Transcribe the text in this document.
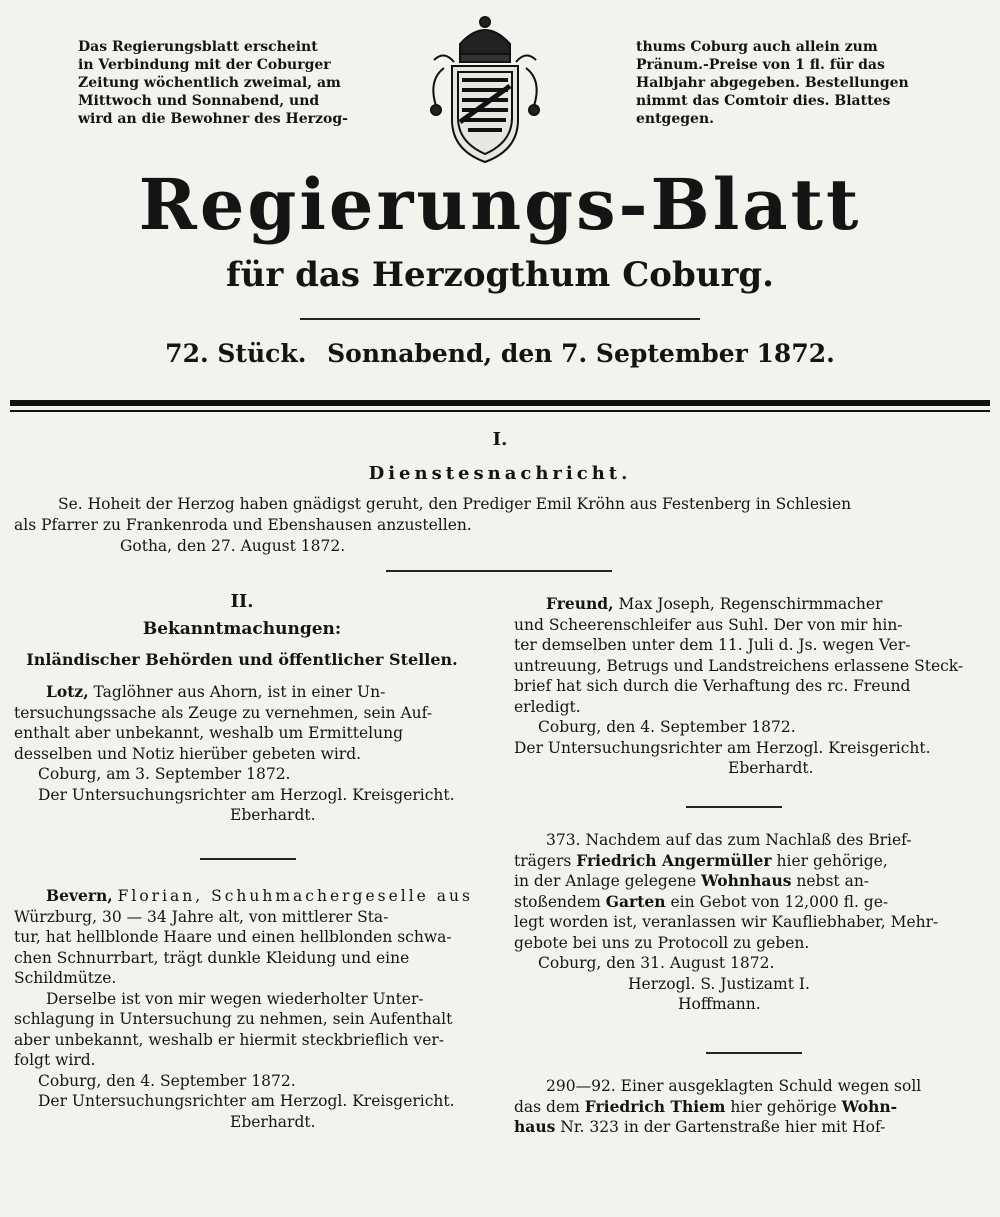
Das Regierungsblatt erscheint
in Verbindung mit der Coburger
Zeitung wöchentlich zweimal, am
Mittwoch und Sonnabend, und
wird an die Bewohner des Herzog-
thums Coburg auch allein zum
Pränum.-Preise von 1 fl. für das
Halbjahr abgegeben. Bestellungen
nimmt das Comtoir dies. Blattes
entgegen.
Regierungs-Blatt
für das Herzogthum Coburg.
72. Stück. Sonnabend, den 7. September 1872.
I.
Dienstesnachricht.
Se. Hoheit der Herzog haben gnädigst geruht, den Prediger Emil Kröhn aus Festenberg in Schlesien
als Pfarrer zu Frankenroda und Ebenshausen anzustellen.
Gotha, den 27. August 1872.

II.

Bekanntmachungen:

Inländischer Behörden und öffentlicher Stellen.

Lotz, Taglöhner aus Ahorn, ist in einer Un-

tersuchungssache als Zeuge zu vernehmen, sein Auf-

enthalt aber unbekannt, weshalb um Ermittelung

desselben und Notiz hierüber gebeten wird.

Coburg, am 3. September 1872.

Der Untersuchungsrichter am Herzogl. Kreisgericht.

Eberhardt.

Bevern, Florian, Schuhmachergeselle aus

Würzburg, 30 — 34 Jahre alt, von mittlerer Sta-

tur, hat hellblonde Haare und einen hellblonden schwa-

chen Schnurrbart, trägt dunkle Kleidung und eine

Schildmütze.

Derselbe ist von mir wegen wiederholter Unter-

schlagung in Untersuchung zu nehmen, sein Aufenthalt

aber unbekannt, weshalb er hiermit steckbrieflich ver-

folgt wird.

Coburg, den 4. September 1872.

Der Untersuchungsrichter am Herzogl. Kreisgericht.

Eberhardt.

Freund, Max Joseph, Regenschirmmacher

und Scheerenschleifer aus Suhl. Der von mir hin-

ter demselben unter dem 11. Juli d. Js. wegen Ver-

untreuung, Betrugs und Landstreichens erlassene Steck-

brief hat sich durch die Verhaftung des rc. Freund

erledigt.

Coburg, den 4. September 1872.

Der Untersuchungsrichter am Herzogl. Kreisgericht.

Eberhardt.

373. Nachdem auf das zum Nachlaß des Brief-

trägers Friedrich Angermüller hier gehörige,

in der Anlage gelegene Wohnhaus nebst an-

stoßendem Garten ein Gebot von 12,000 fl. ge-

legt worden ist, veranlassen wir Kaufliebhaber, Mehr-

gebote bei uns zu Protocoll zu geben.

Coburg, den 31. August 1872.

Herzogl. S. Justizamt I.

Hoffmann.

290—92. Einer ausgeklagten Schuld wegen soll

das dem Friedrich Thiem hier gehörige Wohn-

haus Nr. 323 in der Gartenstraße hier mit Hof-
